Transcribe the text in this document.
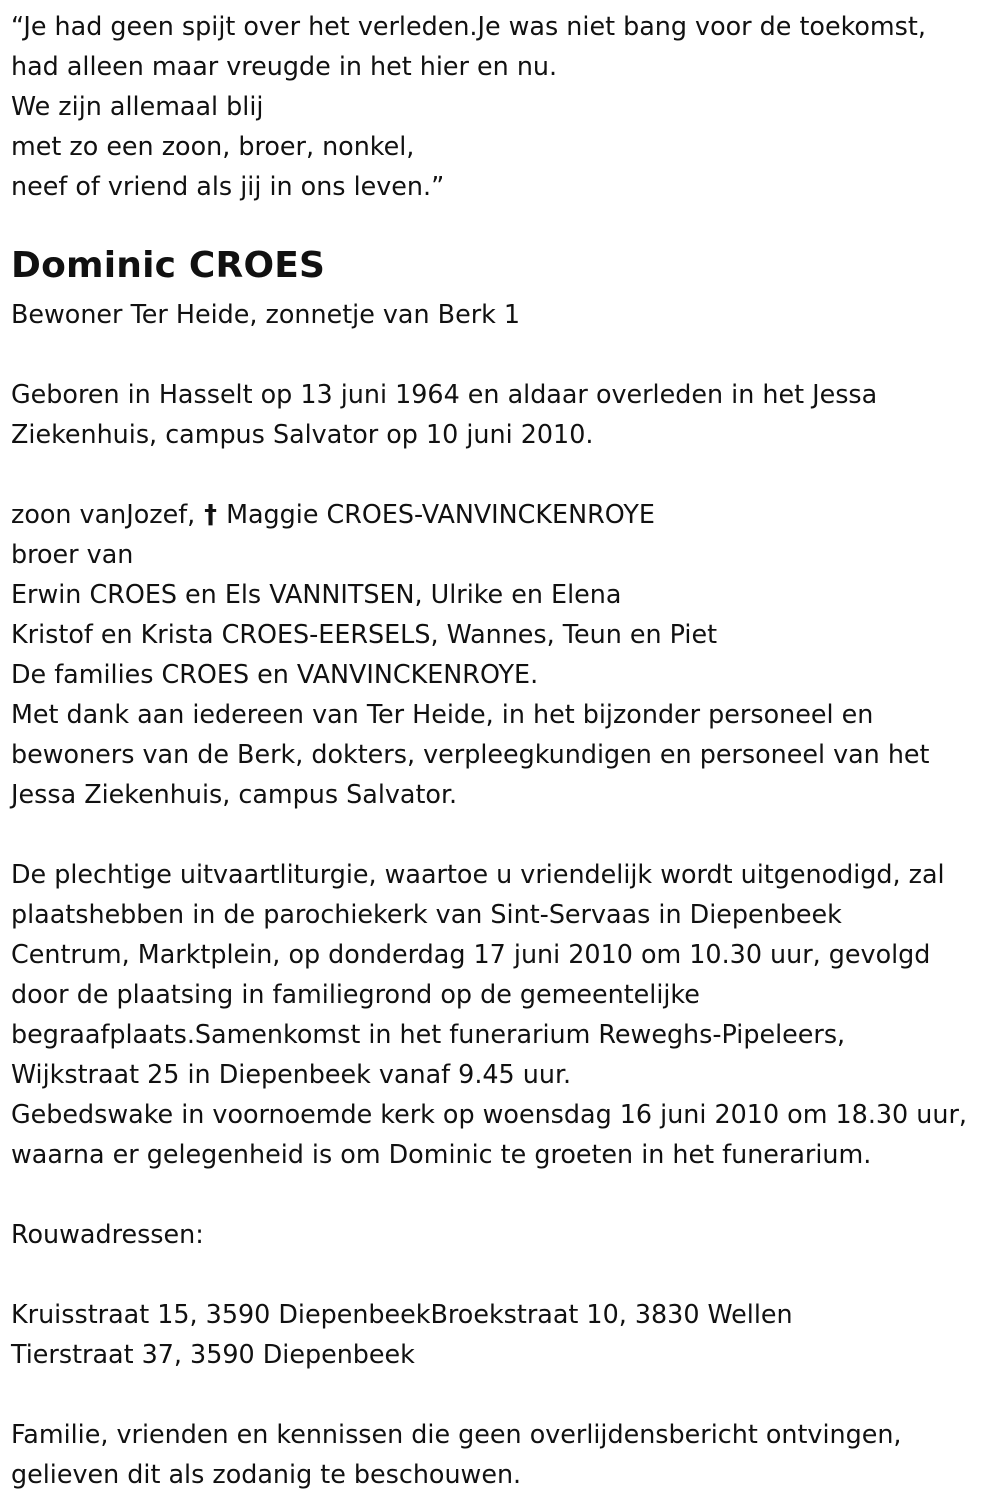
“Je had geen spijt over het verleden.Je was niet bang voor de toekomst,
had alleen maar vreugde in het hier en nu.
We zijn allemaal blij
met zo een zoon, broer, nonkel,
neef of vriend als jij in ons leven.”
Dominic CROES
Bewoner Ter Heide, zonnetje van Berk 1
Geboren in Hasselt op 13 juni 1964 en aldaar overleden in het Jessa
Ziekenhuis, campus Salvator op 10 juni 2010.
zoon vanJozef, † Maggie CROES-VANVINCKENROYE
broer van
Erwin CROES en Els VANNITSEN, Ulrike en Elena
Kristof en Krista CROES-EERSELS, Wannes, Teun en Piet
De families CROES en VANVINCKENROYE.
Met dank aan iedereen van Ter Heide, in het bijzonder personeel en
bewoners van de Berk, dokters, verpleegkundigen en personeel van het
Jessa Ziekenhuis, campus Salvator.
De plechtige uitvaartliturgie, waartoe u vriendelijk wordt uitgenodigd, zal
plaatshebben in de parochiekerk van Sint-Servaas in Diepenbeek
Centrum, Marktplein, op donderdag 17 juni 2010 om 10.30 uur, gevolgd
door de plaatsing in familiegrond op de gemeentelijke
begraafplaats.Samenkomst in het funerarium Reweghs-Pipeleers,
Wijkstraat 25 in Diepenbeek vanaf 9.45 uur.
Gebedswake in voornoemde kerk op woensdag 16 juni 2010 om 18.30 uur,
waarna er gelegenheid is om Dominic te groeten in het funerarium.
Rouwadressen:
Kruisstraat 15, 3590 DiepenbeekBroekstraat 10, 3830 Wellen
Tierstraat 37, 3590 Diepenbeek
Familie, vrienden en kennissen die geen overlijdensbericht ontvingen,
gelieven dit als zodanig te beschouwen.
